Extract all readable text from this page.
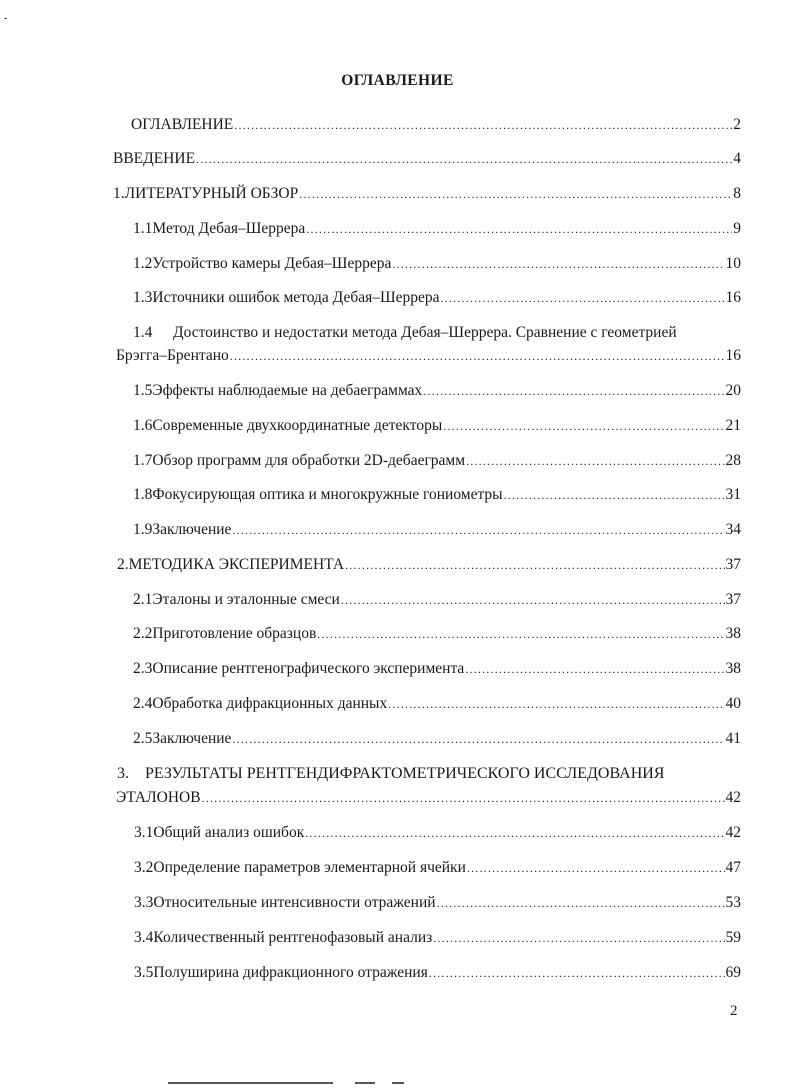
-
ОГЛАВЛЕНИЕ
ОГЛАВЛЕНИЕ .....	2
ВВЕДЕНИЕ .....	4
1. ЛИТЕРАТУРНЫЙ ОБЗОР .....	8
1.1 Метод Дебая–Шеррера .....	9
1.2 Устройство камеры Дебая–Шеррера .....	10
1.3 Источники ошибок метода Дебая–Шеррера .....	16
1.4 Достоинство и недостатки метода Дебая–Шеррера. Сравнение с геометрией
Брэгга–Брентано .....	16
1.5 Эффекты наблюдаемые на дебаеграммах .....	20
1.6 Современные двухкоординатные детекторы .....	21
1.7 Обзор программ для обработки 2D-дебаеграмм .....	28
1.8 Фокусирующая оптика и многокружные гониометры .....	31
1.9 Заключение .....	34
2. МЕТОДИКА ЭКСПЕРИМЕНТА .....	37
2.1 Эталоны и эталонные смеси .....	37
2.2 Приготовление образцов .....	38
2.3 Описание рентгенографического эксперимента .....	38
2.4 Обработка дифракционных данных .....	40
2.5 Заключение .....	41
3. РЕЗУЛЬТАТЫ РЕНТГЕНДИФРАКТОМЕТРИЧЕСКОГО ИССЛЕДОВАНИЯ
ЭТАЛОНОВ .....	42
3.1 Общий анализ ошибок .....	42
3.2 Определение параметров элементарной ячейки .....	47
3.3 Относительные интенсивности отражений .....	53
3.4 Количественный рентгенофазовый анализ .....	59
3.5 Полуширина дифракционного отражения .....	69
2
